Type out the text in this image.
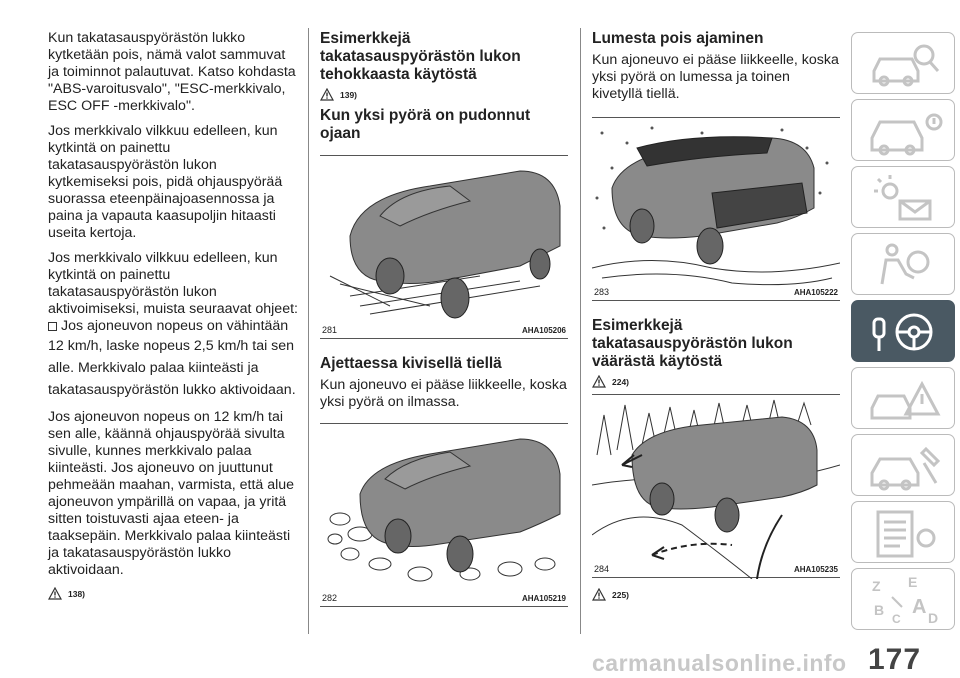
Kun takatasauspyörästön lukko kytketään pois, nämä valot sammuvat ja toiminnot palautuvat. Katso kohdasta "ABS-varoitusvalo", "ESC-merkkivalo, ESC OFF -merkkivalo".

Jos merkkivalo vilkkuu edelleen, kun kytkintä on painettu takatasauspyörästön lukon kytkemiseksi pois, pidä ohjauspyörää suorassa eteenpäinajoasennossa ja paina ja vapauta kaasupoljin hitaasti useita kertoja.

Jos merkkivalo vilkkuu edelleen, kun kytkintä on painettu takatasauspyörästön lukon aktivoimiseksi, muista seuraavat ohjeet:

Jos ajoneuvon nopeus on vähintään
12 km/h, laske nopeus 2,5 km/h tai sen alle. Merkkivalo palaa kiinteästi ja takatasauspyörästön lukko aktivoidaan.

Jos ajoneuvon nopeus on 12 km/h tai sen alle, käännä ohjauspyörää sivulta sivulle, kunnes merkkivalo palaa kiinteästi. Jos ajoneuvo on juuttunut pehmeään maahan, varmista, että alue ajoneuvon ympärillä on vapaa, ja yritä sitten toistuvasti ajaa eteen- ja taaksepäin. Merkkivalo palaa kiinteästi ja takatasauspyörästön lukko aktivoidaan.

138)
Esimerkkejä takatasauspyörästön lukon tehokkaasta käytöstä
139)
Kun yksi pyörä on pudonnut ojaan
281	AHA105206
Ajettaessa kivisellä tiellä

Kun ajoneuvo ei pääse liikkeelle, koska yksi pyörä on ilmassa.

282	AHA105219
Lumesta pois ajaminen

Kun ajoneuvo ei pääse liikkeelle, koska yksi pyörä on lumessa ja toinen kivetyllä tiellä.

283	AHA105222
Esimerkkejä takatasauspyörästön lukon väärästä käytöstä
224)
284	AHA105235
225)
Z E
B
C
A D
177
carmanualsonline.info
